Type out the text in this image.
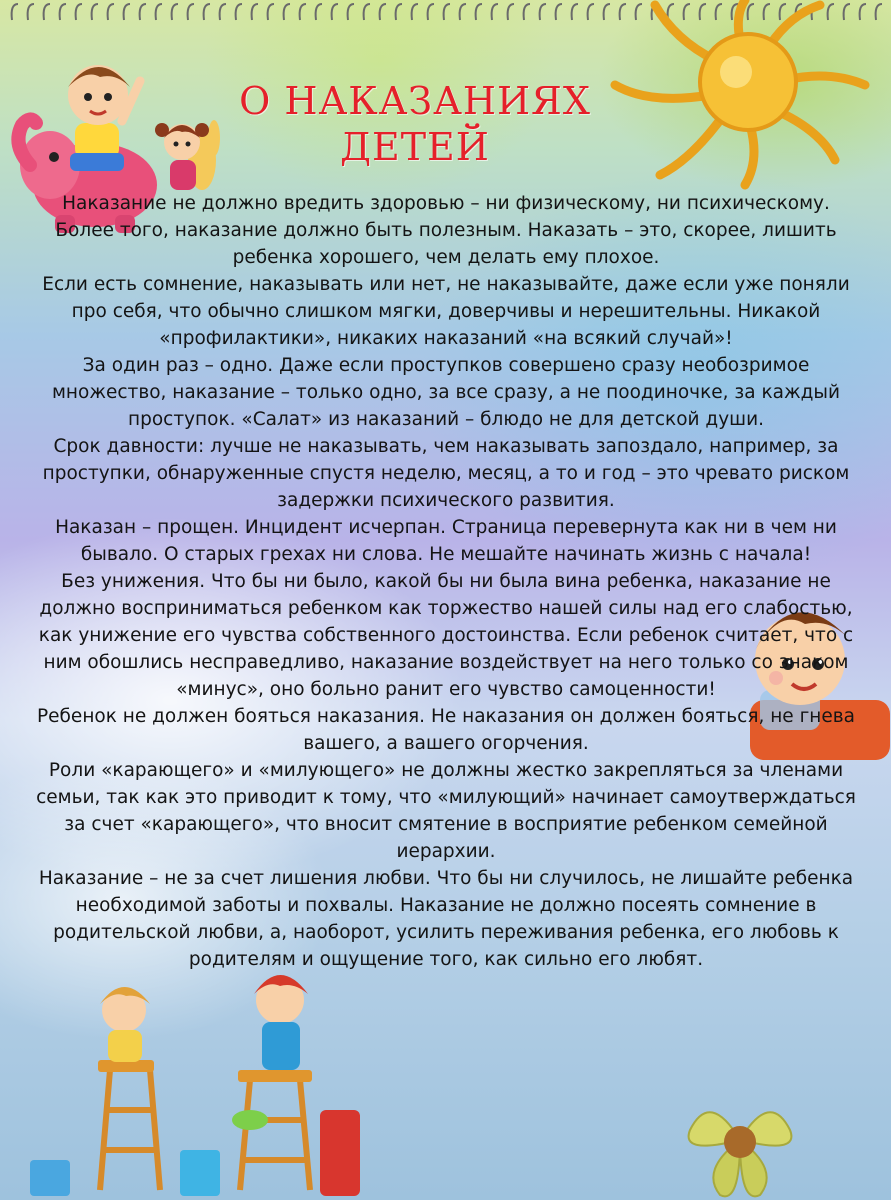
О НАКАЗАНИЯХ
ДЕТЕЙ

Наказание не должно вредить здоровью – ни физическому, ни психическому. Более того, наказание должно быть полезным. Наказать – это, скорее, лишить ребенка хорошего, чем делать ему плохое.

Если есть сомнение, наказывать или нет, не наказывайте, даже если уже поняли про себя, что обычно слишком мягки, доверчивы и нерешительны. Никакой «профилактики», никаких наказаний «на всякий случай»!

За один раз – одно. Даже если проступков совершено сразу необозримое множество, наказание – только одно, за все сразу, а не поодиночке, за каждый проступок. «Салат» из наказаний – блюдо не для детской души.

Срок давности: лучше не наказывать, чем наказывать запоздало, например, за проступки, обнаруженные спустя неделю, месяц, а то и год – это чревато риском задержки психического развития.

Наказан – прощен. Инцидент исчерпан. Страница перевернута как ни в чем ни бывало. О старых грехах ни слова. Не мешайте начинать жизнь с начала!

Без унижения. Что бы ни было, какой бы ни была вина ребенка, наказание не должно восприниматься ребенком как торжество нашей силы над его слабостью, как унижение его чувства собственного достоинства. Если ребенок считает, что с ним обошлись несправедливо, наказание воздействует на него только со знаком «минус», оно больно ранит его чувство самоценности!

Ребенок не должен бояться наказания. Не наказания он должен бояться, не гнева вашего, а вашего огорчения.

Роли «карающего» и «милующего» не должны жестко закрепляться за членами семьи, так как это приводит к тому, что «милующий» начинает самоутверждаться за счет «карающего», что вносит смятение в восприятие ребенком семейной иерархии.

Наказание – не за счет лишения любви. Что бы ни случилось, не лишайте ребенка необходимой заботы и похвалы. Наказание не должно посеять сомнение в родительской любви, а, наоборот, усилить переживания ребенка, его любовь к родителям и ощущение того, как сильно его любят.
